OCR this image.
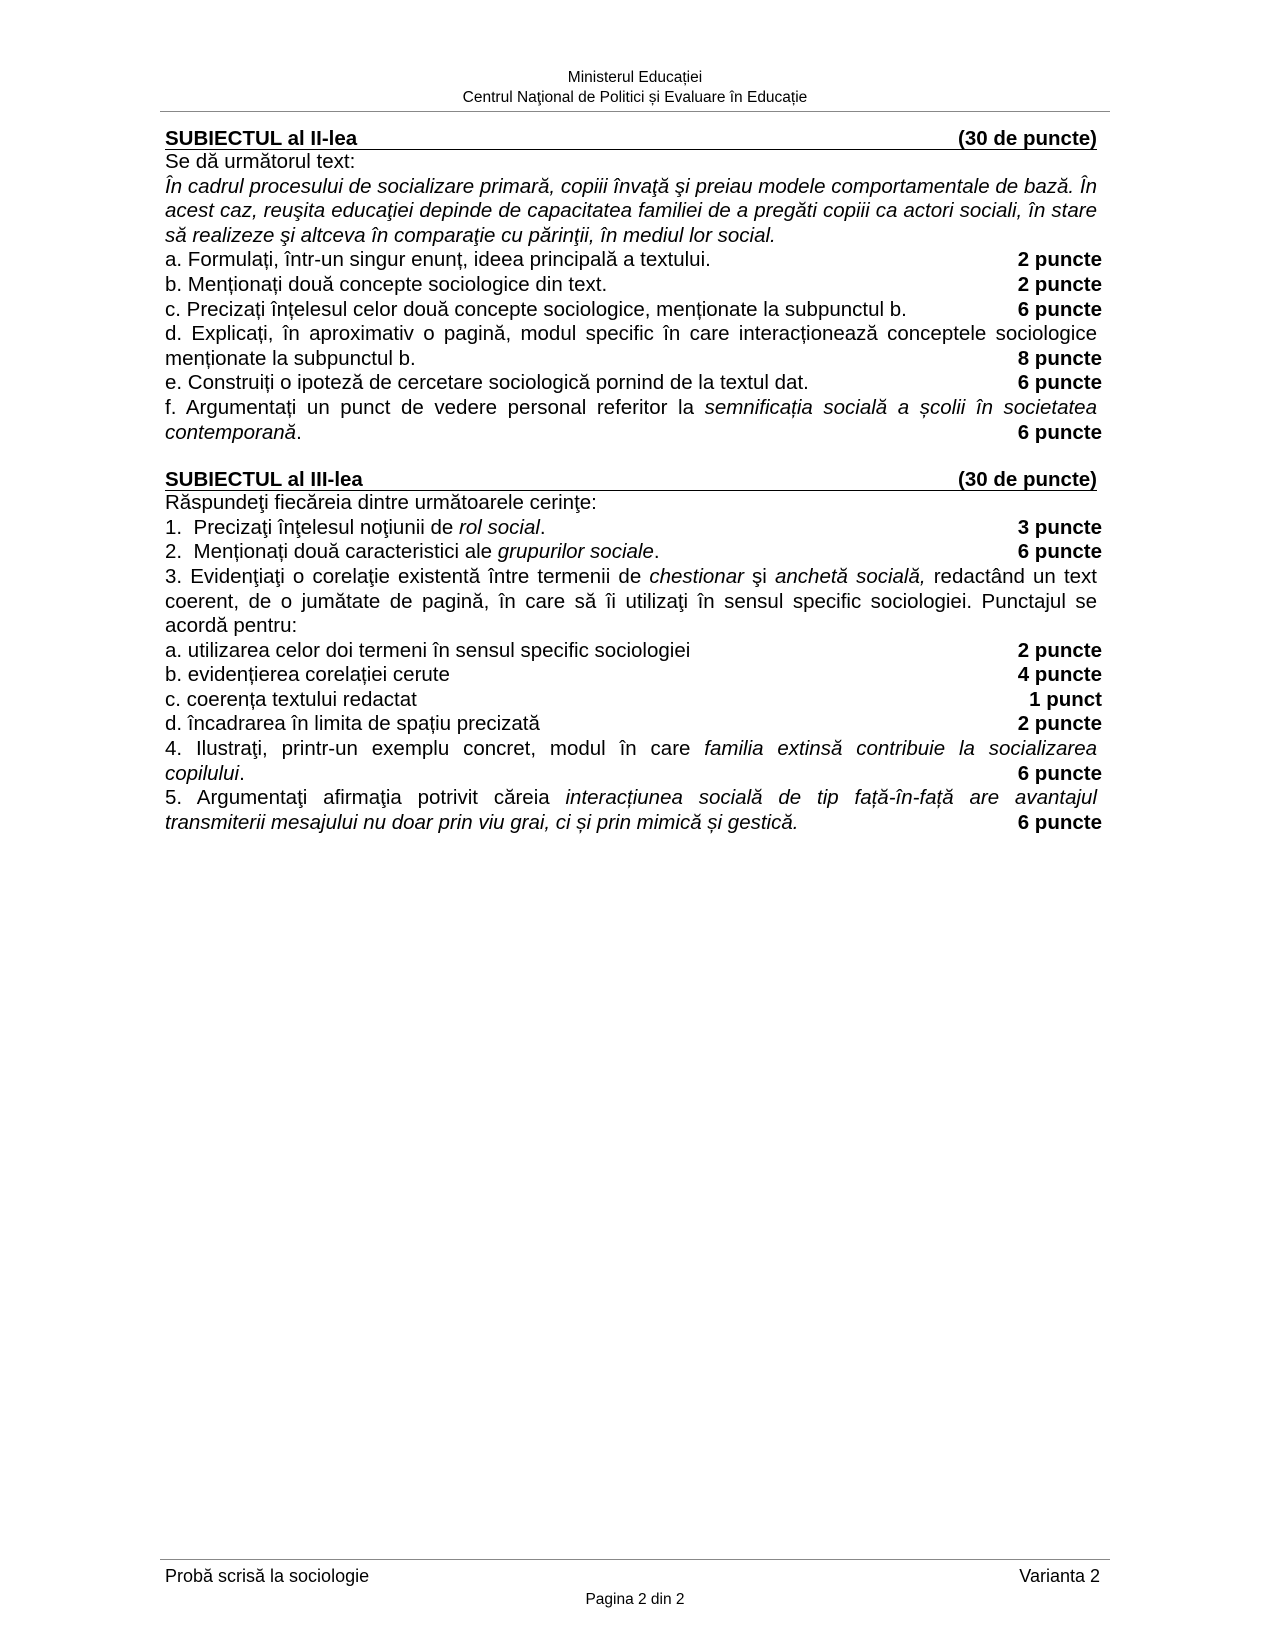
Ministerul Educației
Centrul Naţional de Politici și Evaluare în Educație
SUBIECTUL al II-lea	(30 de puncte)
Se dă următorul text:
În cadrul procesului de socializare primară, copiii învaţă şi preiau modele comportamentale de bază. În acest caz, reuşita educaţiei depinde de capacitatea familiei de a pregăti copiii ca actori sociali, în stare să realizeze şi altceva în comparaţie cu părinţii, în mediul lor social.
a. Formulați, într-un singur enunț, ideea principală a textului.	2 puncte
b. Menționați două concepte sociologice din text.	2 puncte
c. Precizați înțelesul celor două concepte sociologice, menționate la subpunctul b.	6 puncte
d. Explicați, în aproximativ o pagină, modul specific în care interacționează conceptele sociologice
menționate la subpunctul b.	8 puncte
e. Construiți o ipoteză de cercetare sociologică pornind de la textul dat.	6 puncte
f. Argumentați un punct de vedere personal referitor la semnificația socială a școlii în societatea
contemporană.	6 puncte
SUBIECTUL al III-lea	(30 de puncte)
Răspundeţi fiecăreia dintre următoarele cerinţe:
1. Precizaţi înţelesul noţiunii de rol social.	3 puncte
2. Menționați două caracteristici ale grupurilor sociale.	6 puncte
3. Evidenţiaţi o corelaţie existentă între termenii de chestionar şi anchetă socială, redactând un text coerent, de o jumătate de pagină, în care să îi utilizaţi în sensul specific sociologiei. Punctajul se acordă pentru:
a. utilizarea celor doi termeni în sensul specific sociologiei	2 puncte
b. evidențierea corelației cerute	4 puncte
c. coerența textului redactat	1 punct
d. încadrarea în limita de spațiu precizată	2 puncte
4. Ilustraţi, printr-un exemplu concret, modul în care familia extinsă contribuie la socializarea
copilului.	6 puncte
5. Argumentaţi afirmaţia potrivit căreia interacțiunea socială de tip față-în-față are avantajul
transmiterii mesajului nu doar prin viu grai, ci și prin mimică și gestică.	6 puncte
Probă scrisă la sociologie	Varianta 2
Pagina 2 din 2
